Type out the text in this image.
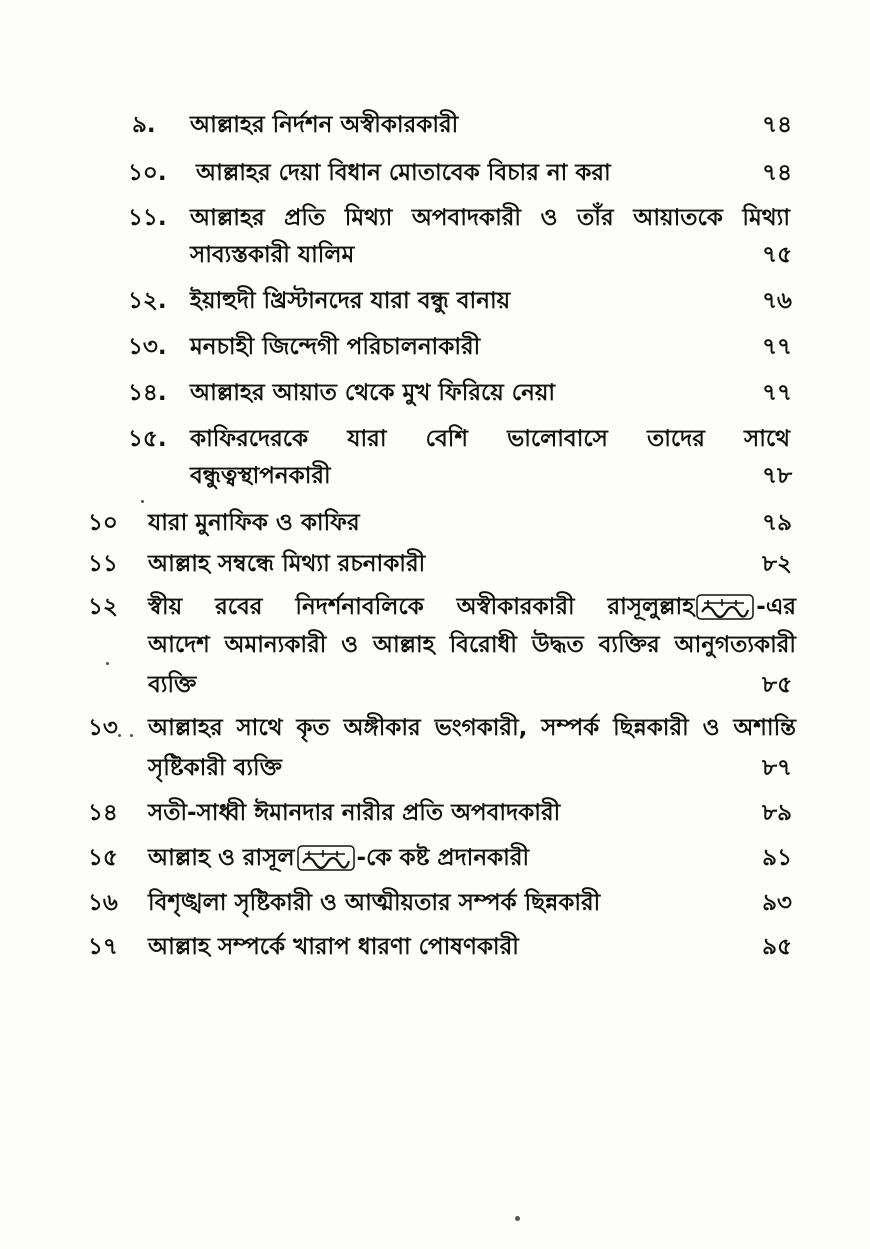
৯. আল্লাহর নির্দশন অস্বীকারকারী	৭৪
১০. আল্লাহর দেয়া বিধান মোতাবেক বিচার না করা	৭৪
১১. আল্লাহর প্রতি মিথ্যা অপবাদকারী ও তাঁর আয়াতকে মিথ্যা
সাব্যস্তকারী যালিম	৭৫
১২. ইয়াহুদী খ্রিস্টানদের যারা বন্ধু বানায়	৭৬
১৩. মনচাহী জিন্দেগী পরিচালনাকারী	৭৭
১৪. আল্লাহর আয়াত থেকে মুখ ফিরিয়ে নেয়া	৭৭
১৫. কাফিরদেরকে যারা বেশি ভালোবাসে তাদের সাথে
বন্ধুত্বস্থাপনকারী	৭৮
১০ যারা মুনাফিক ও কাফির	৭৯
১১ আল্লাহ সম্বন্ধে মিথ্যা রচনাকারী	৮২
১২ স্বীয় রবের নিদর্শনাবলিকে অস্বীকারকারী রাসূলুল্লাহ	-এর
আদেশ অমান্যকারী ও আল্লাহ বিরোধী উদ্ধত ব্যক্তির আনুগত্যকারী
ব্যক্তি	৮৫
১৩ আল্লাহর সাথে কৃত অঙ্গীকার ভংগকারী, সম্পর্ক ছিন্নকারী ও অশান্তি
সৃষ্টিকারী ব্যক্তি	৮৭
১৪ সতী-সাধ্বী ঈমানদার নারীর প্রতি অপবাদকারী	৮৯
১৫ আল্লাহ ও রাসূল	-কে কষ্ট প্রদানকারী	৯১
১৬ বিশৃঙ্খলা সৃষ্টিকারী ও আত্মীয়তার সম্পর্ক ছিন্নকারী	৯৩
১৭ আল্লাহ সম্পর্কে খারাপ ধারণা পোষণকারী	৯৫
